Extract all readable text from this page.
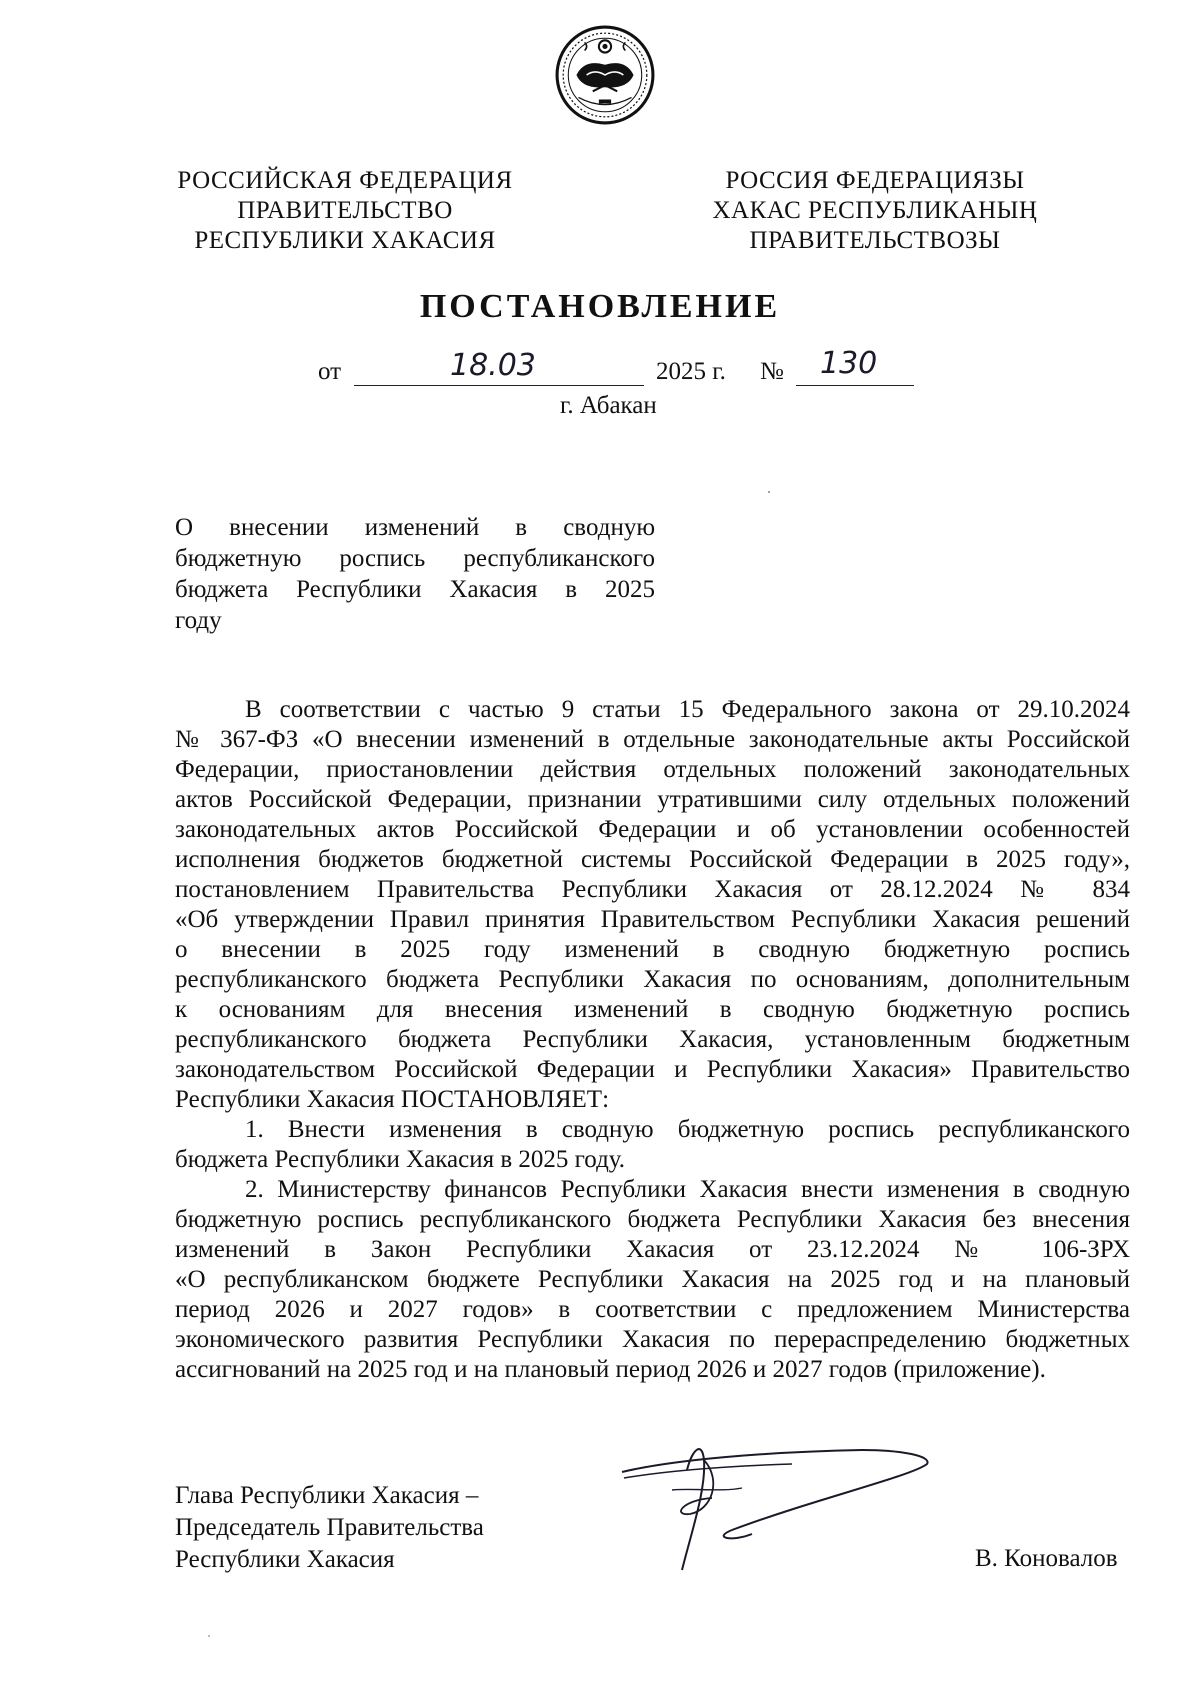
РОССИЙСКАЯ ФЕДЕРАЦИЯ
ПРАВИТЕЛЬСТВО
РЕСПУБЛИКИ ХАКАСИЯ
РОССИЯ ФЕДЕРАЦИЯЗЫ
ХАКАС РЕСПУБЛИКАНЫҢ
ПРАВИТЕЛЬСТВОЗЫ
ПОСТАНОВЛЕНИЕ
от	18.03	2025 г. № 130
г. Абакан
О внесении изменений в сводную
бюджетную роспись республиканского
бюджета Республики Хакасия в 2025
году
В соответствии с частью 9 статьи 15 Федерального закона от 29.10.2024
№ 367-ФЗ «О внесении изменений в отдельные законодательные акты Российской
Федерации, приостановлении действия отдельных положений законодательных
актов Российской Федерации, признании утратившими силу отдельных положений
законодательных актов Российской Федерации и об установлении особенностей
исполнения бюджетов бюджетной системы Российской Федерации в 2025 году»,
постановлением Правительства Республики Хакасия от 28.12.2024 № 834
«Об утверждении Правил принятия Правительством Республики Хакасия решений
о внесении в 2025 году изменений в сводную бюджетную роспись
республиканского бюджета Республики Хакасия по основаниям, дополнительным
к основаниям для внесения изменений в сводную бюджетную роспись
республиканского бюджета Республики Хакасия, установленным бюджетным
законодательством Российской Федерации и Республики Хакасия» Правительство
Республики Хакасия ПОСТАНОВЛЯЕТ:
1. Внести изменения в сводную бюджетную роспись республиканского
бюджета Республики Хакасия в 2025 году.
2. Министерству финансов Республики Хакасия внести изменения в сводную
бюджетную роспись республиканского бюджета Республики Хакасия без внесения
изменений в Закон Республики Хакасия от 23.12.2024 № 106-ЗРХ
«О республиканском бюджете Республики Хакасия на 2025 год и на плановый
период 2026 и 2027 годов» в соответствии с предложением Министерства
экономического развития Республики Хакасия по перераспределению бюджетных
ассигнований на 2025 год и на плановый период 2026 и 2027 годов (приложение).
Глава Республики Хакасия –
Председатель Правительства
Республики Хакасия	В. Коновалов
